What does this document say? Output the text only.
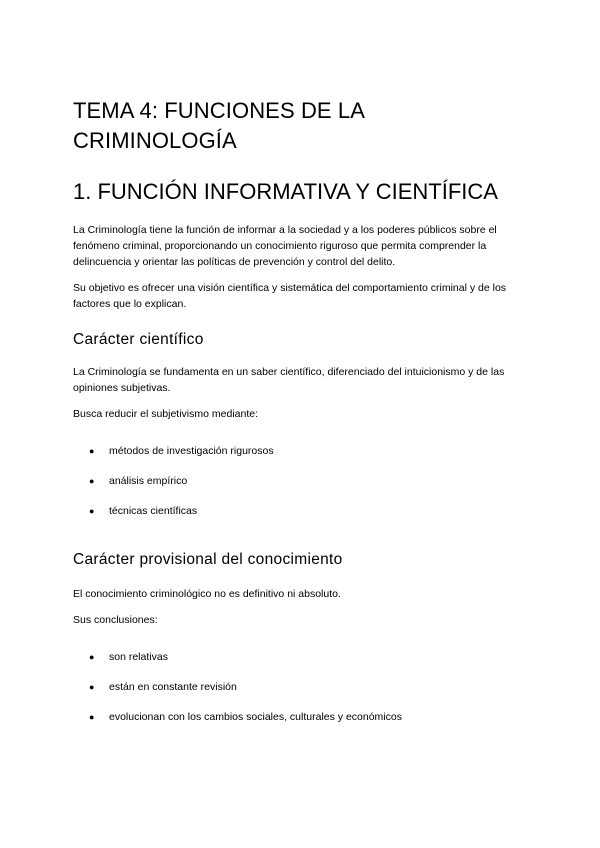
TEMA 4: FUNCIONES DE LA CRIMINOLOGÍA
1. FUNCIÓN INFORMATIVA Y CIENTÍFICA

La Criminología tiene la función de informar a la sociedad y a los poderes públicos sobre el fenómeno criminal, proporcionando un conocimiento riguroso que permita comprender la delincuencia y orientar las políticas de prevención y control del delito.

Su objetivo es ofrecer una visión científica y sistemática del comportamiento criminal y de los factores que lo explican.

Carácter científico

La Criminología se fundamenta en un saber científico, diferenciado del intuicionismo y de las opiniones subjetivas.

Busca reducir el subjetivismo mediante:

● métodos de investigación rigurosos
● análisis empírico
● técnicas científicas
Carácter provisional del conocimiento

El conocimiento criminológico no es definitivo ni absoluto.

Sus conclusiones:

● son relativas
● están en constante revisión
● evolucionan con los cambios sociales, culturales y económicos
